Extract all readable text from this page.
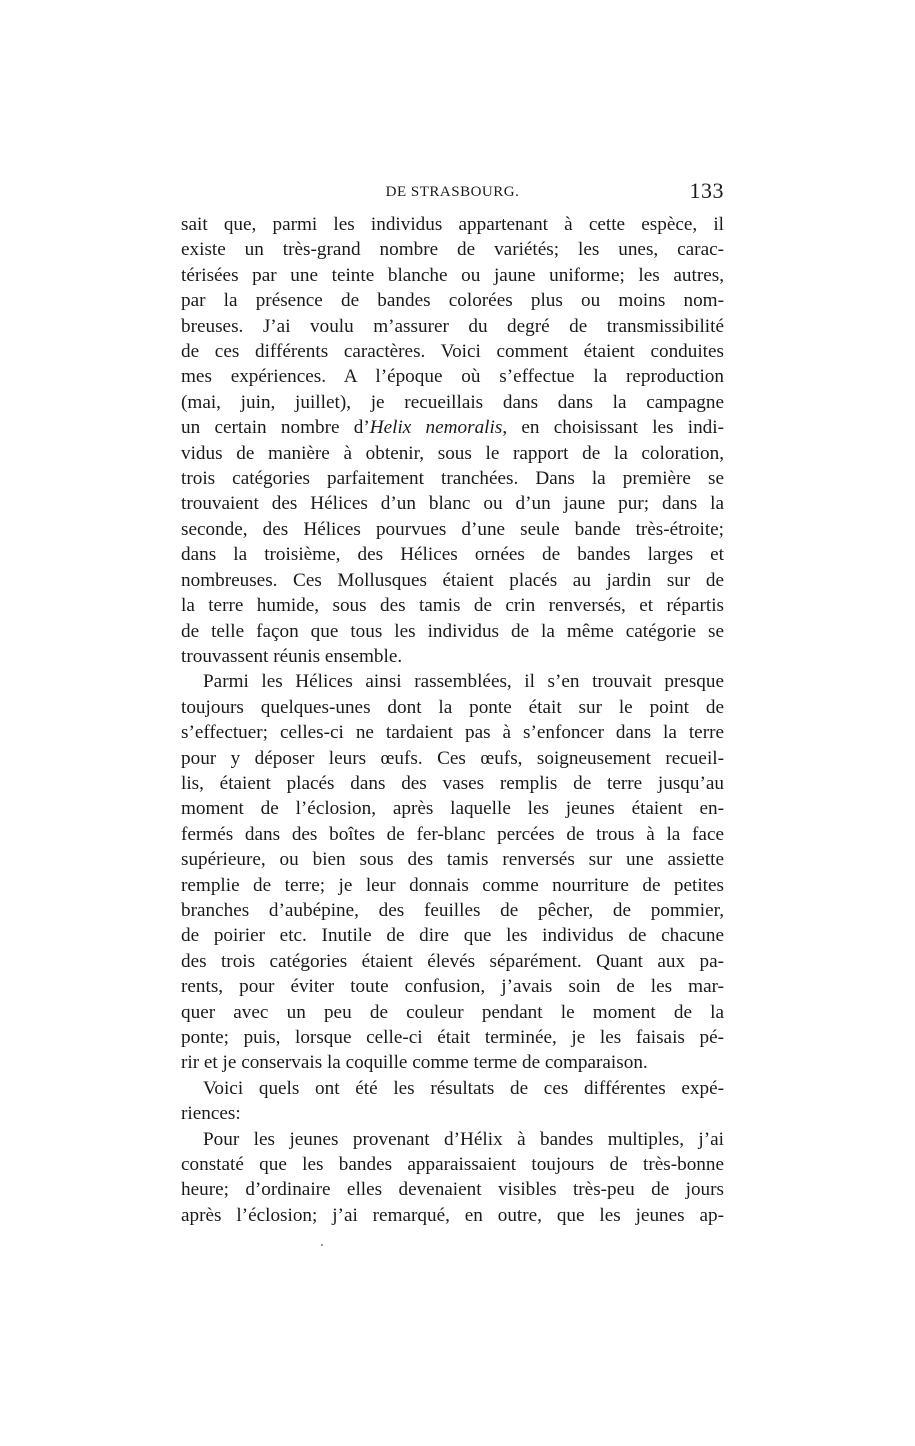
DE STRASBOURG.	133

sait que, parmi les individus appartenant à cette espèce, il
existe un très-grand nombre de variétés; les unes, carac-
térisées par une teinte blanche ou jaune uniforme; les autres,
par la présence de bandes colorées plus ou moins nom-
breuses. J’ai voulu m’assurer du degré de transmissibilité
de ces différents caractères. Voici comment étaient conduites
mes expériences. A l’époque où s’effectue la reproduction
(mai, juin, juillet), je recueillais dans dans la campagne
un certain nombre d’Helix nemoralis, en choisissant les indi-
vidus de manière à obtenir, sous le rapport de la coloration,
trois catégories parfaitement tranchées. Dans la première se
trouvaient des Hélices d’un blanc ou d’un jaune pur; dans la
seconde, des Hélices pourvues d’une seule bande très-étroite;
dans la troisième, des Hélices ornées de bandes larges et
nombreuses. Ces Mollusques étaient placés au jardin sur de
la terre humide, sous des tamis de crin renversés, et répartis
de telle façon que tous les individus de la même catégorie se
trouvassent réunis ensemble.

Parmi les Hélices ainsi rassemblées, il s’en trouvait presque
toujours quelques-unes dont la ponte était sur le point de
s’effectuer; celles-ci ne tardaient pas à s’enfoncer dans la terre
pour y déposer leurs œufs. Ces œufs, soigneusement recueil-
lis, étaient placés dans des vases remplis de terre jusqu’au
moment de l’éclosion, après laquelle les jeunes étaient en-
fermés dans des boîtes de fer-blanc percées de trous à la face
supérieure, ou bien sous des tamis renversés sur une assiette
remplie de terre; je leur donnais comme nourriture de petites
branches d’aubépine, des feuilles de pêcher, de pommier,
de poirier etc. Inutile de dire que les individus de chacune
des trois catégories étaient élevés séparément. Quant aux pa-
rents, pour éviter toute confusion, j’avais soin de les mar-
quer avec un peu de couleur pendant le moment de la
ponte; puis, lorsque celle-ci était terminée, je les faisais pé-
rir et je conservais la coquille comme terme de comparaison.

Voici quels ont été les résultats de ces différentes expé-
riences:

Pour les jeunes provenant d’Hélix à bandes multiples, j’ai
constaté que les bandes apparaissaient toujours de très-bonne
heure; d’ordinaire elles devenaient visibles très-peu de jours
après l’éclosion; j’ai remarqué, en outre, que les jeunes ap-
